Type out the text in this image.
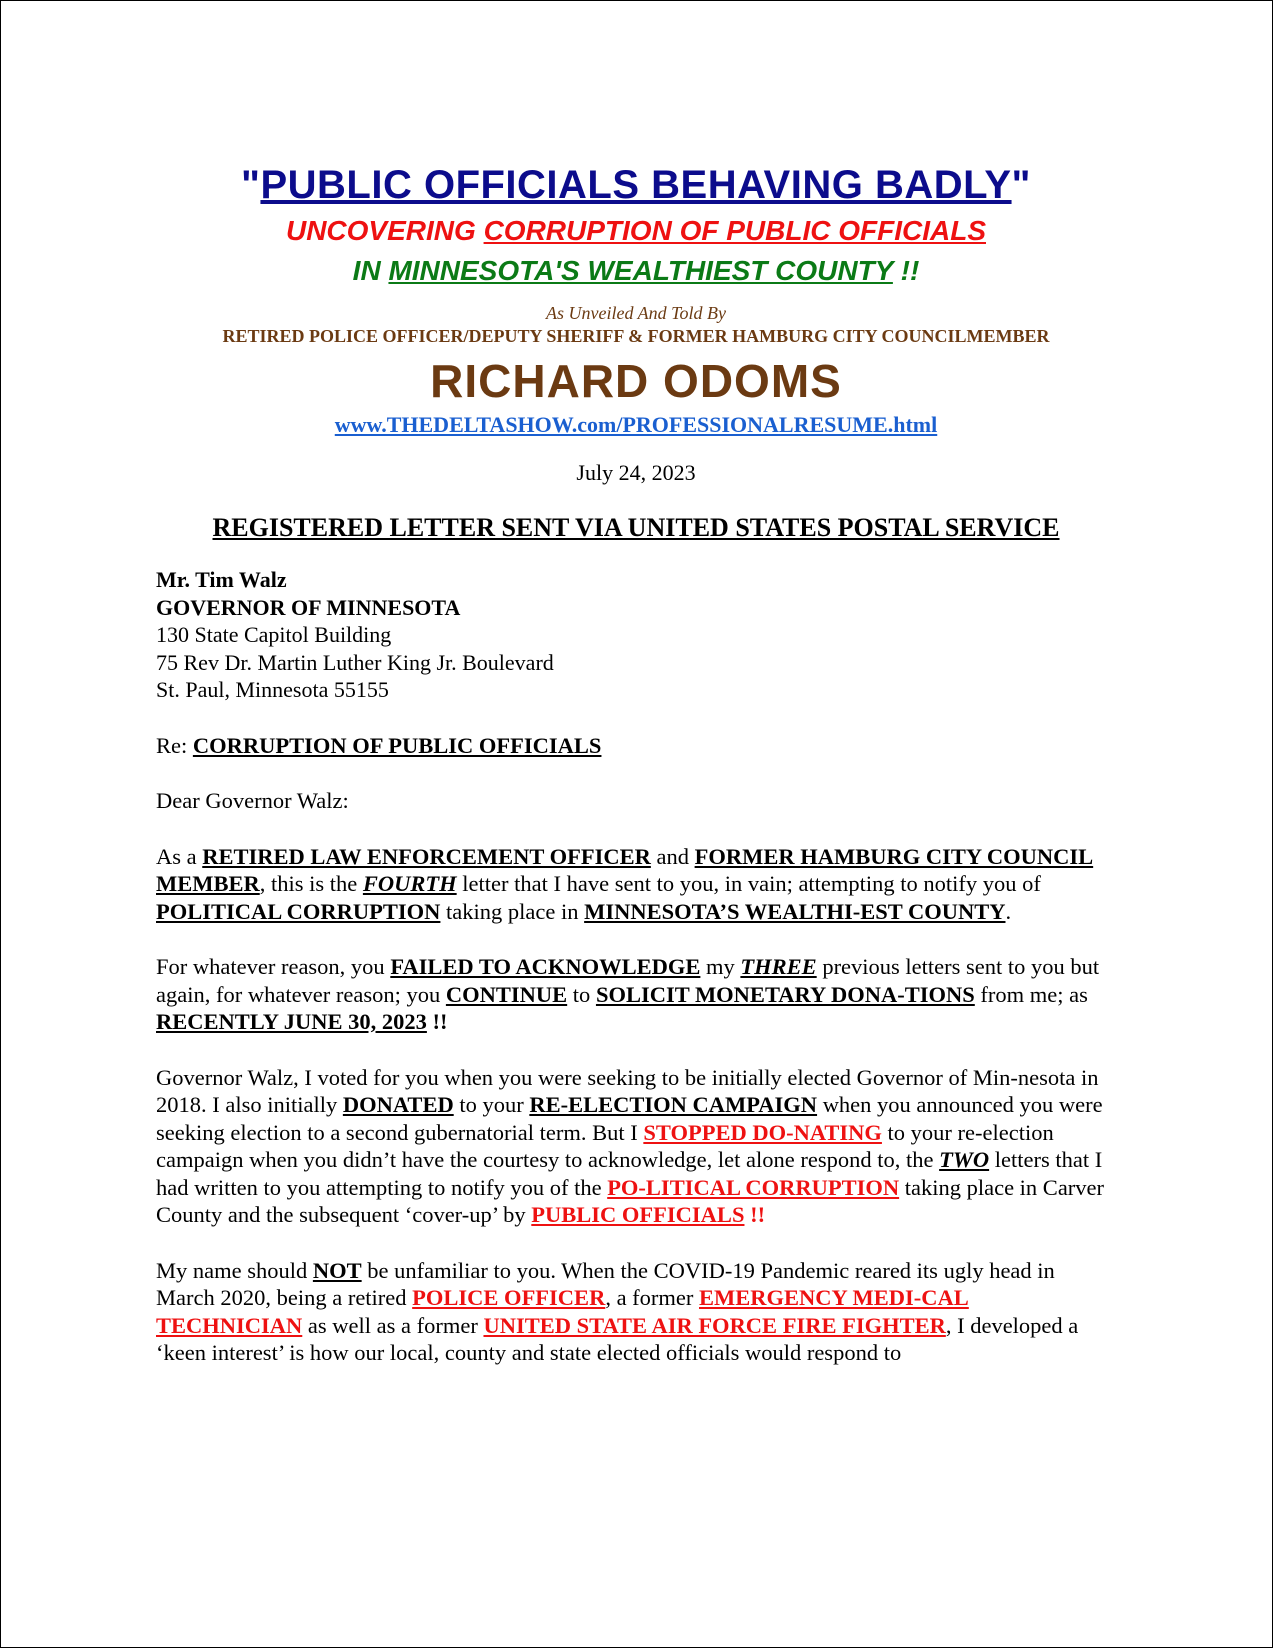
"PUBLIC OFFICIALS BEHAVING BADLY"
UNCOVERING CORRUPTION OF PUBLIC OFFICIALS
IN MINNESOTA'S WEALTHIEST COUNTY !!
As Unveiled And Told By
RETIRED POLICE OFFICER/DEPUTY SHERIFF & FORMER HAMBURG CITY COUNCILMEMBER
RICHARD ODOMS
www.THEDELTASHOW.com/PROFESSIONALRESUME.html
July 24, 2023
REGISTERED LETTER SENT VIA UNITED STATES POSTAL SERVICE
Mr. Tim Walz
GOVERNOR OF MINNESOTA
130 State Capitol Building
75 Rev Dr. Martin Luther King Jr. Boulevard
St. Paul, Minnesota 55155

Re: CORRUPTION OF PUBLIC OFFICIALS

Dear Governor Walz:

As a RETIRED LAW ENFORCEMENT OFFICER and FORMER HAMBURG CITY COUNCIL MEMBER, this is the FOURTH letter that I have sent to you, in vain; attempting to notify you of POLITICAL CORRUPTION taking place in MINNESOTA’S WEALTHI-EST COUNTY.

For whatever reason, you FAILED TO ACKNOWLEDGE my THREE previous letters sent to you but again, for whatever reason; you CONTINUE to SOLICIT MONETARY DONA-TIONS from me; as RECENTLY JUNE 30, 2023 !!

Governor Walz, I voted for you when you were seeking to be initially elected Governor of Min-nesota in 2018. I also initially DONATED to your RE-ELECTION CAMPAIGN when you announced you were seeking election to a second gubernatorial term. But I STOPPED DO-NATING to your re-election campaign when you didn’t have the courtesy to acknowledge, let alone respond to, the TWO letters that I had written to you attempting to notify you of the PO-LITICAL CORRUPTION taking place in Carver County and the subsequent ‘cover-up’ by PUBLIC OFFICIALS !!

My name should NOT be unfamiliar to you. When the COVID-19 Pandemic reared its ugly head in March 2020, being a retired POLICE OFFICER, a former EMERGENCY MEDI-CAL TECHNICIAN as well as a former UNITED STATE AIR FORCE FIRE FIGHTER, I developed a ‘keen interest’ is how our local, county and state elected officials would respond to
